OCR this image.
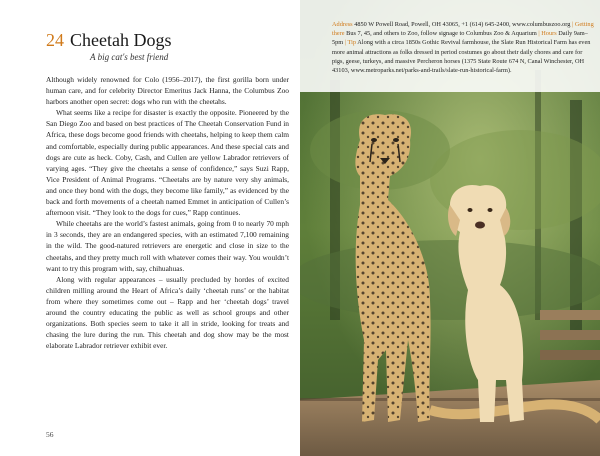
24 Cheetah Dogs
A big cat's best friend

Although widely renowned for Colo (1956–2017), the first gorilla born under human care, and for celebrity Director Emeritus Jack Hanna, the Columbus Zoo harbors another open secret: dogs who run with the cheetahs.

What seems like a recipe for disaster is exactly the opposite. Pioneered by the San Diego Zoo and based on best practices of The Cheetah Conservation Fund in Africa, these dogs become good friends with cheetahs, helping to keep them calm and comfortable, especially during public appearances. And these special cats and dogs are cute as heck. Coby, Cash, and Cullen are yellow Labrador retrievers of varying ages. “They give the cheetahs a sense of confidence,” says Suzi Rapp, Vice President of Animal Programs. “Cheetahs are by nature very shy animals, and once they bond with the dogs, they become like family,” as evidenced by the back and forth movements of a cheetah named Emmet in anticipation of Cullen’s afternoon visit. “They look to the dogs for cues,” Rapp continues.

While cheetahs are the world’s fastest animals, going from 0 to nearly 70 mph in 3 seconds, they are an endangered species, with an estimated 7,100 remaining in the wild. The good-natured retrievers are energetic and close in size to the cheetahs, and they pretty much roll with whatever comes their way. You wouldn’t want to try this program with, say, chihuahuas.

Along with regular appearances – usually precluded by hordes of excited children milling around the Heart of Africa’s daily ‘cheetah runs’ or the habitat from where they sometimes come out – Rapp and her ‘cheetah dogs’ travel around the country educating the public as well as school groups and other organizations. Both species seem to take it all in stride, looking for treats and chasing the lure during the run. This cheetah and dog show may be the most elaborate Labrador retriever exhibit ever.

56
Address 4850 W Powell Road, Powell, OH 43065, +1 (614) 645-2400, www.columbuszoo.org | Getting there Bus 7, 45, and others to Zoo, follow signage to Columbus Zoo & Aquarium | Hours Daily 9am–5pm | Tip Along with a circa 1850s Gothic Revival farmhouse, the Slate Run Historical Farm has even more animal attractions as folks dressed in period costumes go about their daily chores and care for pigs, geese, turkeys, and massive Percheron horses (1375 State Route 674 N, Canal Winchester, OH 43103, www.metroparks.net/parks-and-trails/slate-run-historical-farm).
